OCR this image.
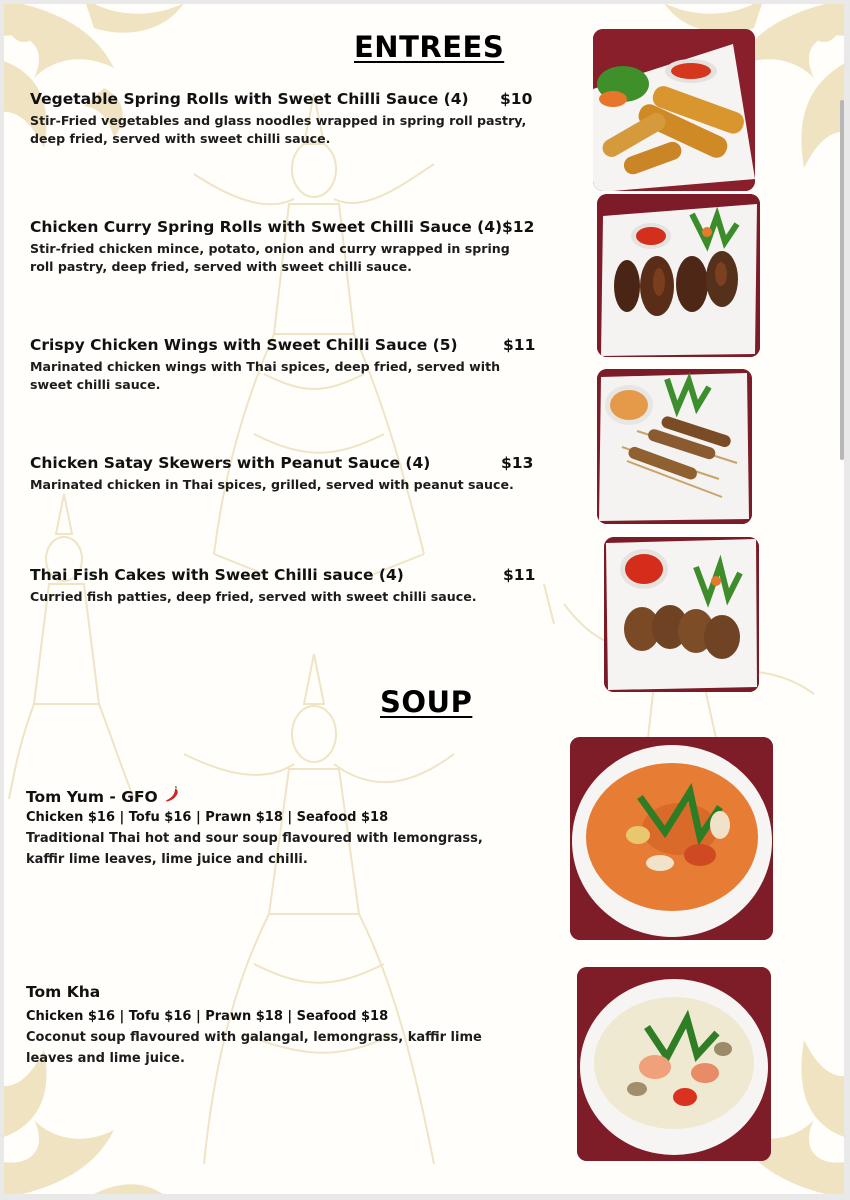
ENTREES
Vegetable Spring Rolls with Sweet Chilli Sauce (4) $10
Stir-Fried vegetables and glass noodles wrapped in spring roll pastry, deep fried, served with sweet chilli sauce.
Chicken Curry Spring Rolls with Sweet Chilli Sauce (4) $12
Stir-fried chicken mince, potato, onion and curry wrapped in spring roll pastry, deep fried, served with sweet chilli sauce.
Crispy Chicken Wings with Sweet Chilli Sauce (5)	$11
Marinated chicken wings with Thai spices, deep fried, served with sweet chilli sauce.
Chicken Satay Skewers with Peanut Sauce (4)	$13
Marinated chicken in Thai spices, grilled, served with peanut sauce.
Thai Fish Cakes with Sweet Chilli sauce (4)	$11
Curried fish patties, deep fried, served with sweet chilli sauce.
SOUP
Tom Yum - GFO
Chicken $16 | Tofu $16 | Prawn $18 | Seafood $18
Traditional Thai hot and sour soup flavoured with lemongrass, kaffir lime leaves, lime juice and chilli.
Tom Kha
Chicken $16 | Tofu $16 | Prawn $18 | Seafood $18
Coconut soup flavoured with galangal, lemongrass, kaffir lime leaves and lime juice.
